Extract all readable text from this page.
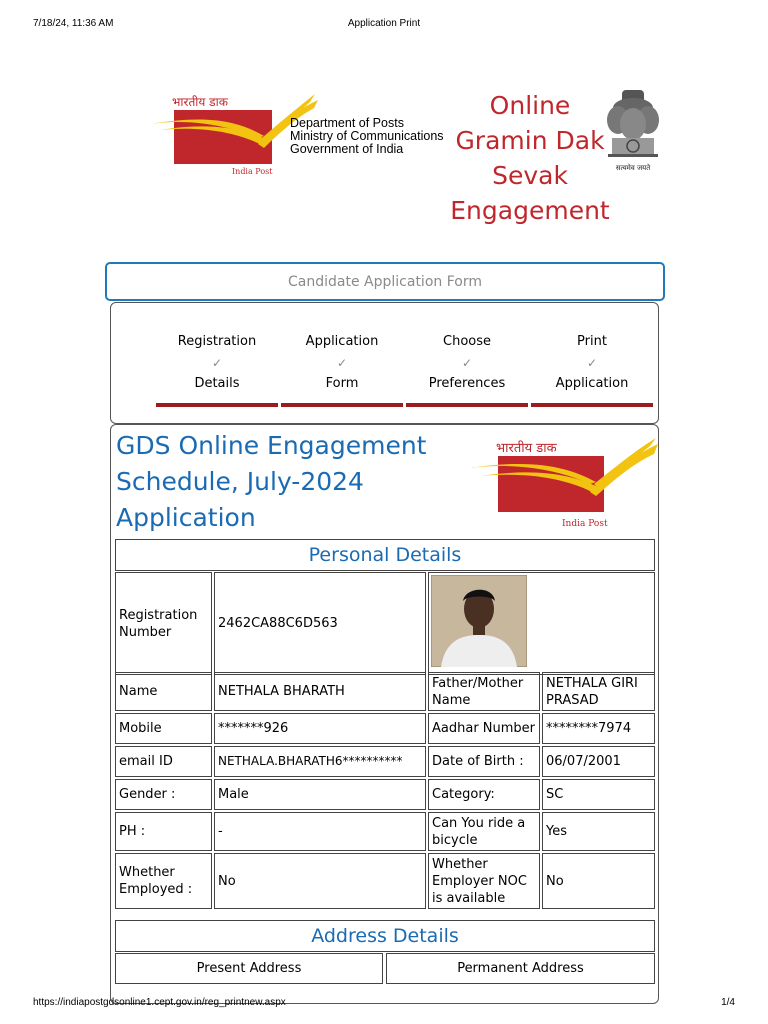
7/18/24, 11:36 AM	Application Print
भारतीय डाक
India Post
Department of Posts
Ministry of Communications
Government of India
Online
Gramin Dak
Sevak
Engagement
सत्यमेव जयते
Candidate Application Form
Registration
✓
Details
Application
✓
Form
Choose
✓
Preferences
Print
✓
Application
GDS Online Engagement
Schedule, July-2024
Application
भारतीय डाक
India Post
Personal Details
Registration Number	2462CA88C6D563	
Name	NETHALA BHARATH	Father/Mother Name	NETHALA GIRI PRASAD
Mobile	*******926	Aadhar Number	********7974
email ID	NETHALA.BHARATH6**********	Date of Birth :	06/07/2001
Gender :	Male	Category:	SC
PH :	-	Can You ride a bicycle	Yes
Whether Employed :	No	Whether Employer NOC is available	No
Address Details
Present Address	Permanent Address
https://indiapostgdsonline1.cept.gov.in/reg_printnew.aspx	1/4
